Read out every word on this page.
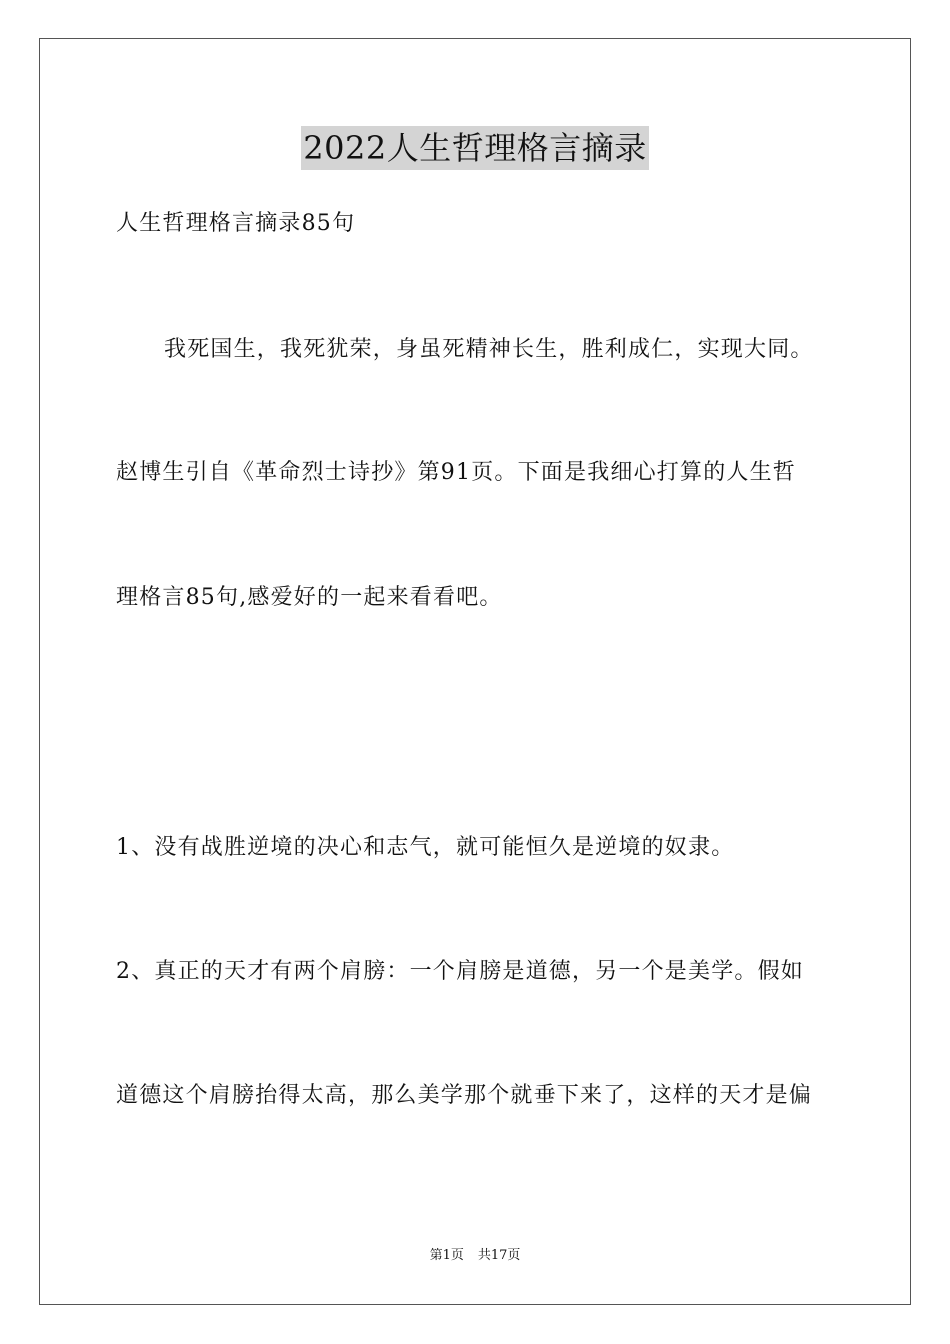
2022人生哲理格言摘录
人生哲理格言摘录85句
我死国生，我死犹荣，身虽死精神长生，胜利成仁，实现大同。
赵博生引自《革命烈士诗抄》第91页。下面是我细心打算的人生哲
理格言85句,感爱好的一起来看看吧。
1、没有战胜逆境的决心和志气，就可能恒久是逆境的奴隶。
2、真正的天才有两个肩膀：一个肩膀是道德，另一个是美学。假如
道德这个肩膀抬得太高，那么美学那个就垂下来了，这样的天才是偏
第1页 共17页
